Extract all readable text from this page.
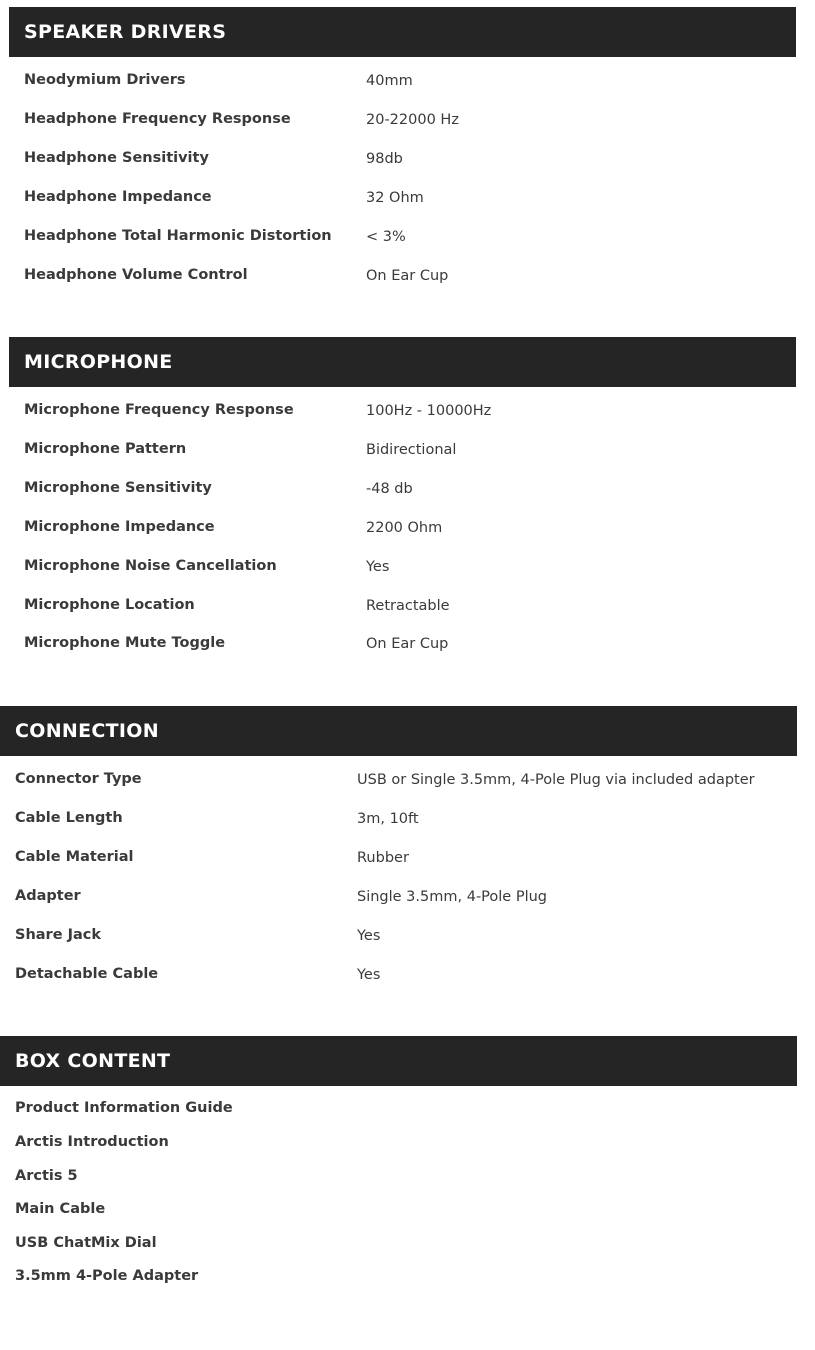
SPEAKER DRIVERS
Neodymium Drivers	40mm
Headphone Frequency Response	20-22000 Hz
Headphone Sensitivity	98db
Headphone Impedance	32 Ohm
Headphone Total Harmonic Distortion < 3%
Headphone Volume Control	On Ear Cup
MICROPHONE
Microphone Frequency Response	100Hz - 10000Hz
Microphone Pattern	Bidirectional
Microphone Sensitivity	-48 db
Microphone Impedance	2200 Ohm
Microphone Noise Cancellation	Yes
Microphone Location	Retractable
Microphone Mute Toggle	On Ear Cup
CONNECTION
Connector Type	USB or Single 3.5mm, 4-Pole Plug via included adapter
Cable Length	3m, 10ft
Cable Material	Rubber
Adapter	Single 3.5mm, 4-Pole Plug
Share Jack	Yes
Detachable Cable	Yes
BOX CONTENT
Product Information Guide
Arctis Introduction
Arctis 5
Main Cable
USB ChatMix Dial
3.5mm 4-Pole Adapter
